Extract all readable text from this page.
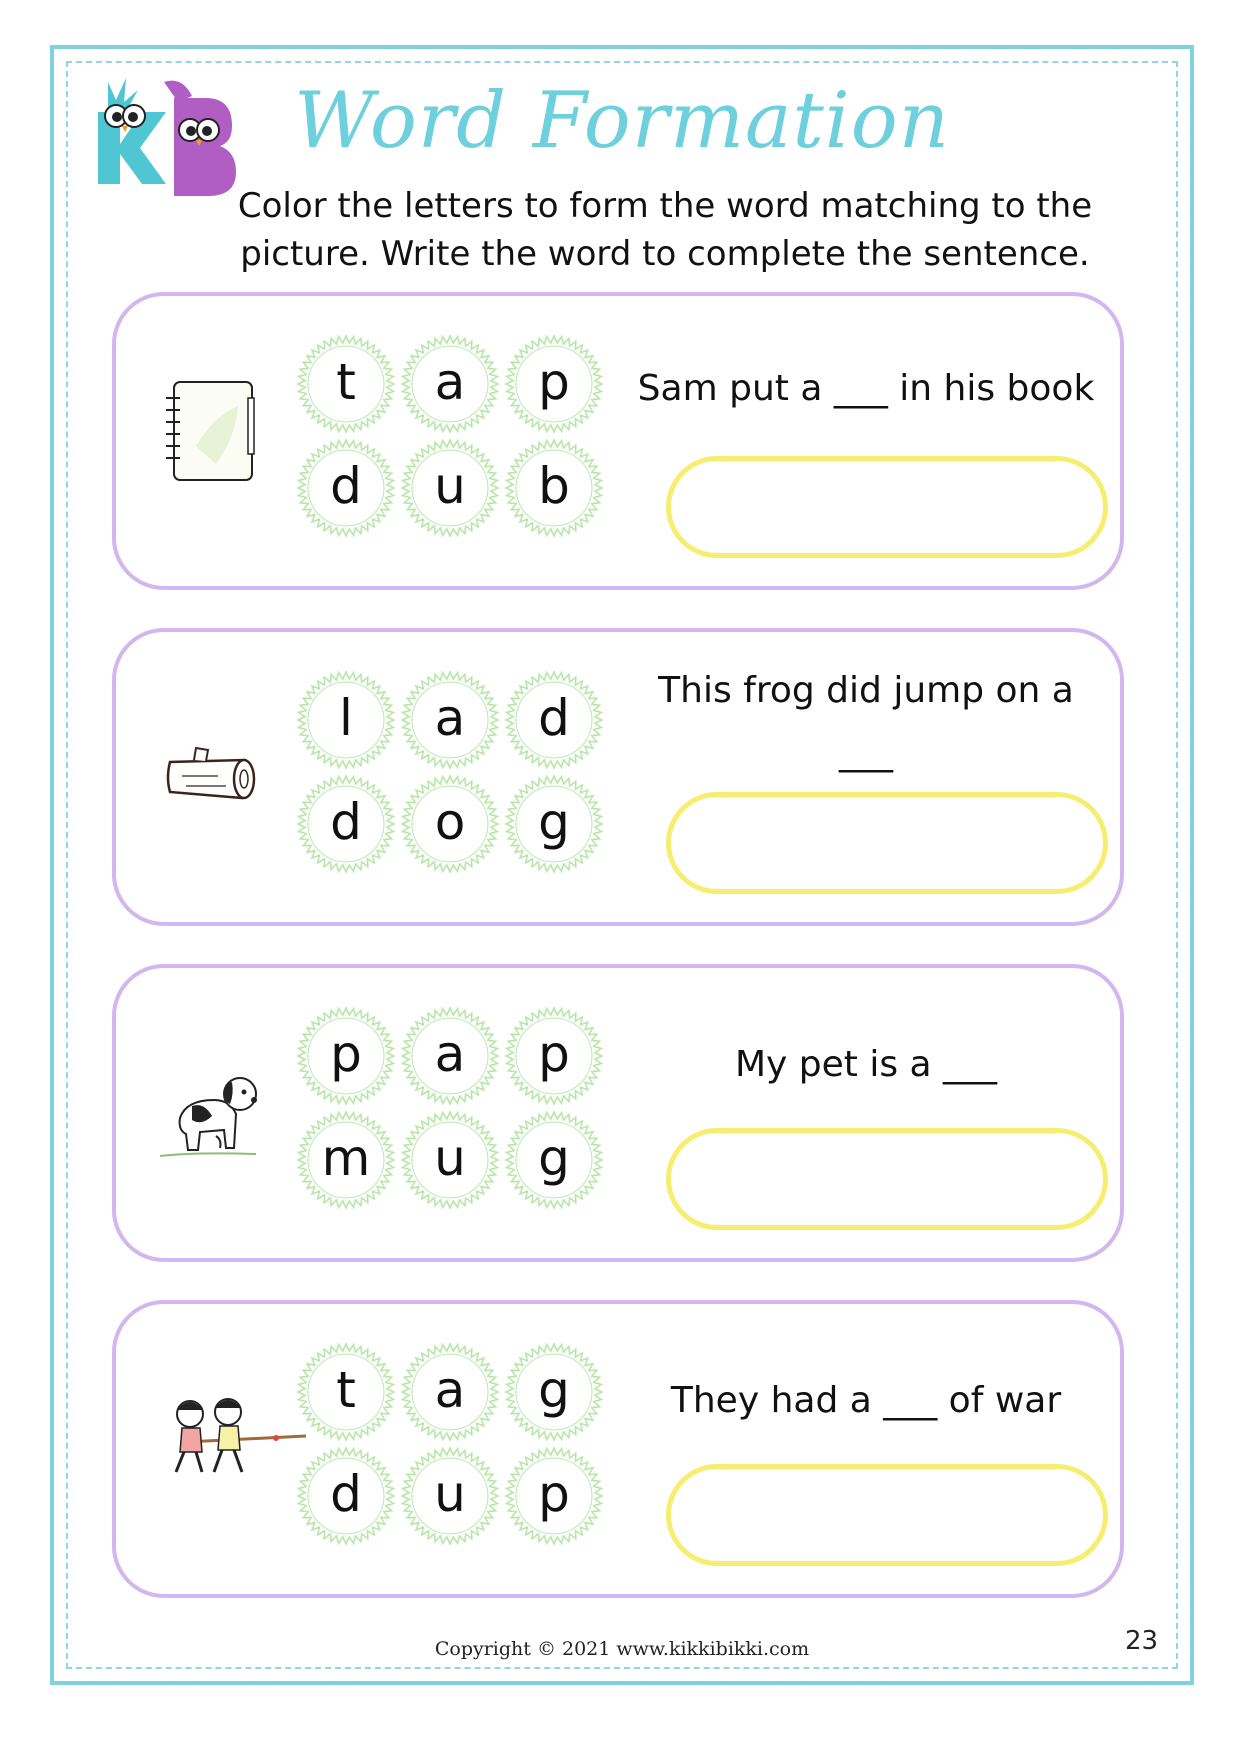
Word Formation
Color the letters to form the word matching to the picture. Write the word to complete the sentence.
t	a	p
d	u	b
Sam put a ___ in his book
l	a	d
d	o	g
This frog did jump on a
___
p	a	p
m	u	g
My pet is a ___
t	a	g
d	u	p
They had a ___ of war
Copyright © 2021 www.kikkibikki.com	23
